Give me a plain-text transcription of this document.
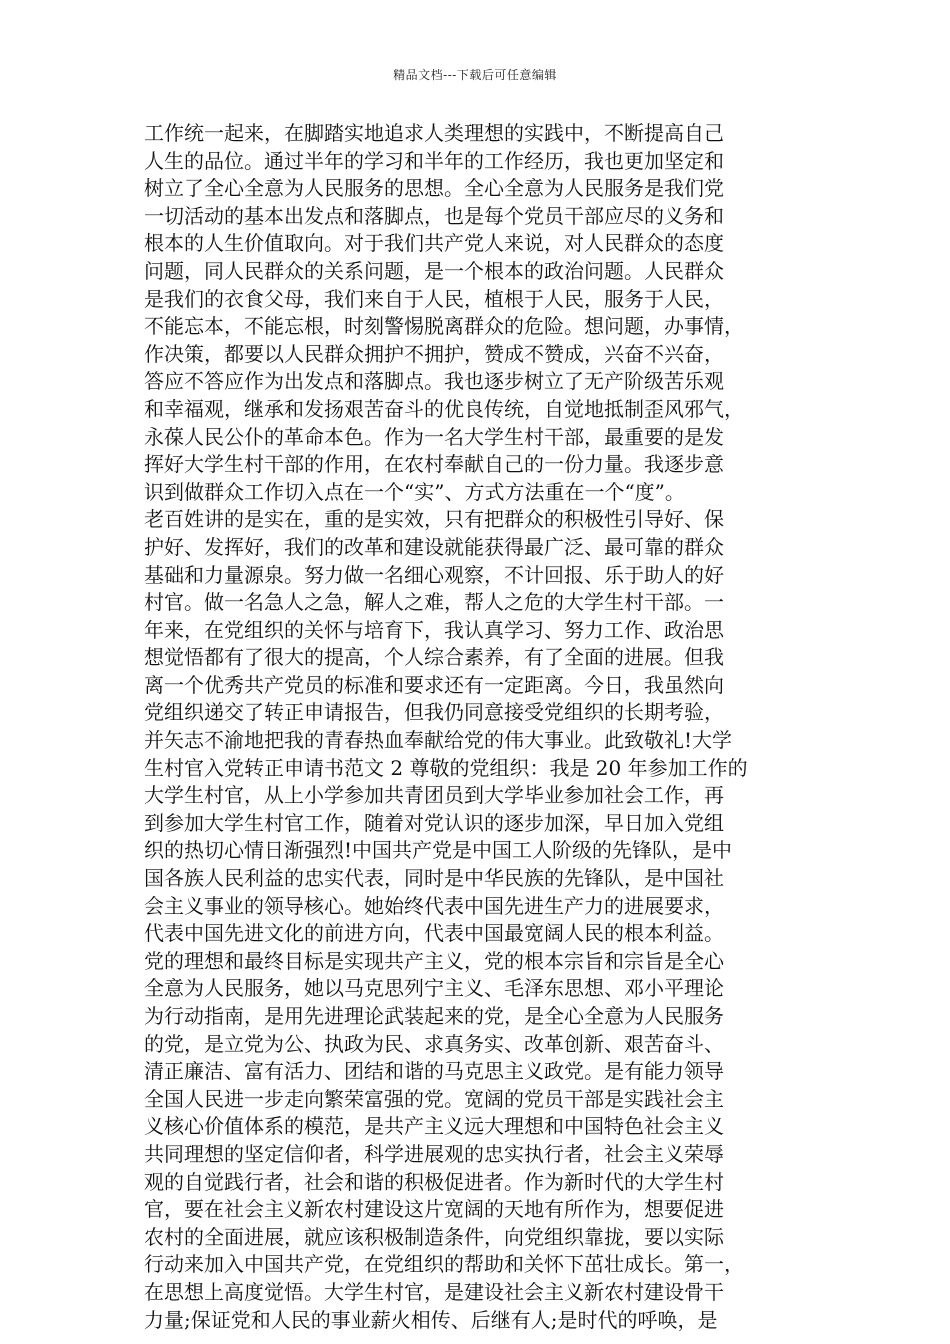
精品文档---下载后可任意编辑
工作统一起来，在脚踏实地追求人类理想的实践中，不断提高自己
人生的品位。通过半年的学习和半年的工作经历，我也更加坚定和
树立了全心全意为人民服务的思想。全心全意为人民服务是我们党
一切活动的基本出发点和落脚点，也是每个党员干部应尽的义务和
根本的人生价值取向。对于我们共产党人来说，对人民群众的态度
问题，同人民群众的关系问题，是一个根本的政治问题。人民群众
是我们的衣食父母，我们来自于人民，植根于人民，服务于人民，
不能忘本，不能忘根，时刻警惕脱离群众的危险。想问题，办事情，
作决策，都要以人民群众拥护不拥护，赞成不赞成，兴奋不兴奋，
答应不答应作为出发点和落脚点。我也逐步树立了无产阶级苦乐观
和幸福观，继承和发扬艰苦奋斗的优良传统，自觉地抵制歪风邪气，
永葆人民公仆的革命本色。作为一名大学生村干部，最重要的是发
挥好大学生村干部的作用，在农村奉献自己的一份力量。我逐步意
识到做群众工作切入点在一个“实”、方式方法重在一个“度”。
老百姓讲的是实在，重的是实效，只有把群众的积极性引导好、保
护好、发挥好，我们的改革和建设就能获得最广泛、最可靠的群众
基础和力量源泉。努力做一名细心观察，不计回报、乐于助人的好
村官。做一名急人之急，解人之难，帮人之危的大学生村干部。一
年来，在党组织的关怀与培育下，我认真学习、努力工作、政治思
想觉悟都有了很大的提高，个人综合素养，有了全面的进展。但我
离一个优秀共产党员的标准和要求还有一定距离。今日，我虽然向
党组织递交了转正申请报告，但我仍同意接受党组织的长期考验，
并矢志不渝地把我的青春热血奉献给党的伟大事业。此致敬礼!大学
生村官入党转正申请书范文 2 尊敬的党组织：我是 20 年参加工作的
大学生村官，从上小学参加共青团员到大学毕业参加社会工作，再
到参加大学生村官工作，随着对党认识的逐步加深，早日加入党组
织的热切心情日渐强烈!中国共产党是中国工人阶级的先锋队，是中
国各族人民利益的忠实代表，同时是中华民族的先锋队，是中国社
会主义事业的领导核心。她始终代表中国先进生产力的进展要求，
代表中国先进文化的前进方向，代表中国最宽阔人民的根本利益。
党的理想和最终目标是实现共产主义，党的根本宗旨和宗旨是全心
全意为人民服务，她以马克思列宁主义、毛泽东思想、邓小平理论
为行动指南，是用先进理论武装起来的党，是全心全意为人民服务
的党，是立党为公、执政为民、求真务实、改革创新、艰苦奋斗、
清正廉洁、富有活力、团结和谐的马克思主义政党。是有能力领导
全国人民进一步走向繁荣富强的党。宽阔的党员干部是实践社会主
义核心价值体系的模范，是共产主义远大理想和中国特色社会主义
共同理想的坚定信仰者，科学进展观的忠实执行者，社会主义荣辱
观的自觉践行者，社会和谐的积极促进者。作为新时代的大学生村
官，要在社会主义新农村建设这片宽阔的天地有所作为，想要促进
农村的全面进展，就应该积极制造条件，向党组织靠拢，要以实际
行动来加入中国共产党，在党组织的帮助和关怀下茁壮成长。第一，
在思想上高度觉悟。大学生村官，是建设社会主义新农村建设骨干
力量;保证党和人民的事业薪火相传、后继有人;是时代的呼唤，是
